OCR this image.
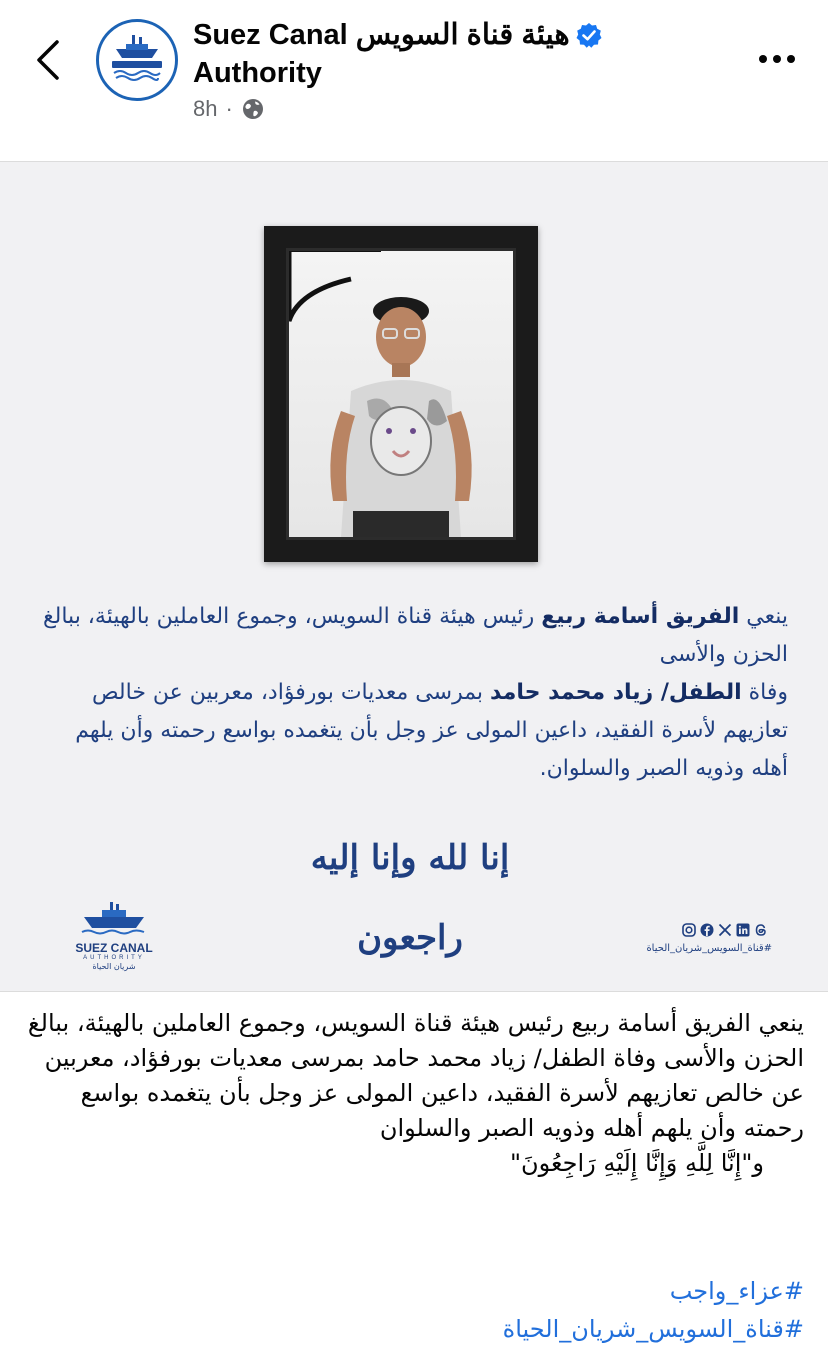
Suez Canal هيئة قناة السويس
Authority
8h ·
ينعي الفريق أسامة ربيع رئيس هيئة قناة السويس، وجموع العاملين بالهيئة، ببالغ الحزن والأسى
وفاة الطفل/ زياد محمد حامد بمرسى معديات بورفؤاد، معربين عن خالص تعازيهم لأسرة الفقيد، داعين المولى عز وجل بأن يتغمده بواسع رحمته وأن يلهم أهله وذويه الصبر والسلوان.
إنا لله وإنا إليه راجعون
SUEZ CANAL
AUTHORITY
شريان الحياة
#قناة_السويس_شريان_الحياة

ينعي الفريق أسامة ربيع رئيس هيئة قناة السويس، وجموع العاملين بالهيئة، ببالغ الحزن والأسى وفاة الطفل/ زياد محمد حامد بمرسى معديات بورفؤاد، معربين عن خالص تعازيهم لأسرة الفقيد، داعين المولى عز وجل بأن يتغمده بواسع رحمته وأن يلهم أهله وذويه الصبر والسلوان

و"إِنَّا لِلَّهِ وَإِنَّا إِلَيْهِ رَاجِعُونَ"

#عزاء_واجب
#قناة_السويس_شريان_الحياة
